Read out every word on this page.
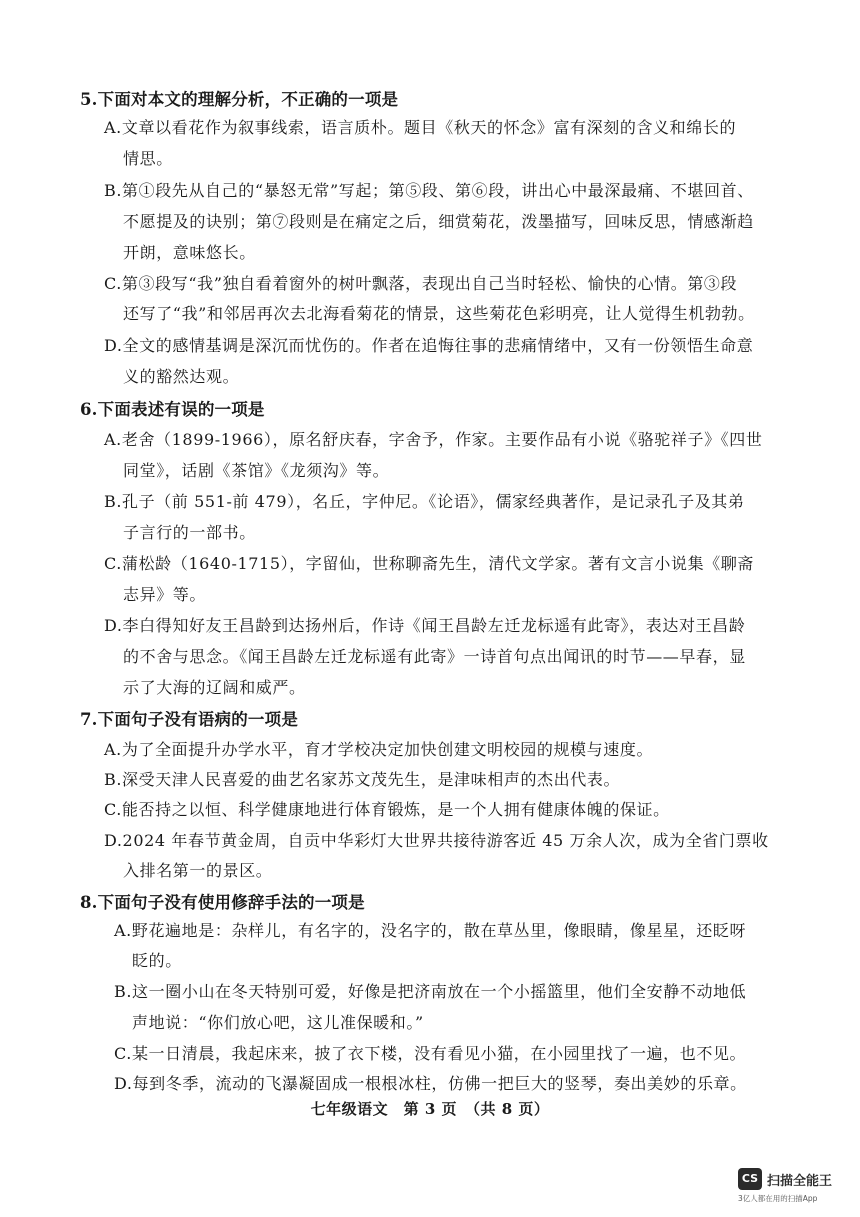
5.下面对本文的理解分析，不正确的一项是
A.文章以看花作为叙事线索，语言质朴。题目《秋天的怀念》富有深刻的含义和绵长的
情思。
B.第①段先从自己的“暴怒无常”写起；第⑤段、第⑥段，讲出心中最深最痛、不堪回首、
不愿提及的诀别；第⑦段则是在痛定之后，细赏菊花，泼墨描写，回味反思，情感渐趋
开朗，意味悠长。
C.第③段写“我”独自看着窗外的树叶飘落，表现出自己当时轻松、愉快的心情。第③段
还写了“我”和邻居再次去北海看菊花的情景，这些菊花色彩明亮，让人觉得生机勃勃。
D.全文的感情基调是深沉而忧伤的。作者在追悔往事的悲痛情绪中，又有一份领悟生命意
义的豁然达观。
6.下面表述有误的一项是
A.老舍（1899-1966），原名舒庆春，字舍予，作家。主要作品有小说《骆驼祥子》《四世
同堂》，话剧《茶馆》《龙须沟》等。
B.孔子（前 551-前 479），名丘，字仲尼。《论语》，儒家经典著作，是记录孔子及其弟
子言行的一部书。
C.蒲松龄（1640-1715），字留仙，世称聊斋先生，清代文学家。著有文言小说集《聊斋
志异》等。
D.李白得知好友王昌龄到达扬州后，作诗《闻王昌龄左迁龙标遥有此寄》，表达对王昌龄
的不舍与思念。《闻王昌龄左迁龙标遥有此寄》一诗首句点出闻讯的时节——早春，显
示了大海的辽阔和威严。
7.下面句子没有语病的一项是
A.为了全面提升办学水平，育才学校决定加快创建文明校园的规模与速度。
B.深受天津人民喜爱的曲艺名家苏文茂先生，是津味相声的杰出代表。
C.能否持之以恒、科学健康地进行体育锻炼，是一个人拥有健康体魄的保证。
D.2024 年春节黄金周，自贡中华彩灯大世界共接待游客近 45 万余人次，成为全省门票收
入排名第一的景区。
8.下面句子没有使用修辞手法的一项是
A.野花遍地是：杂样儿，有名字的，没名字的，散在草丛里，像眼睛，像星星，还眨呀
眨的。
B.这一圈小山在冬天特别可爱，好像是把济南放在一个小摇篮里，他们全安静不动地低
声地说：“你们放心吧，这儿准保暖和。”
C.某一日清晨，我起床来，披了衣下楼，没有看见小猫，在小园里找了一遍，也不见。
D.每到冬季，流动的飞瀑凝固成一根根冰柱，仿佛一把巨大的竖琴，奏出美妙的乐章。
七年级语文　第 3 页　（共 8 页）
CS 扫描全能王
3亿人都在用的扫描App
